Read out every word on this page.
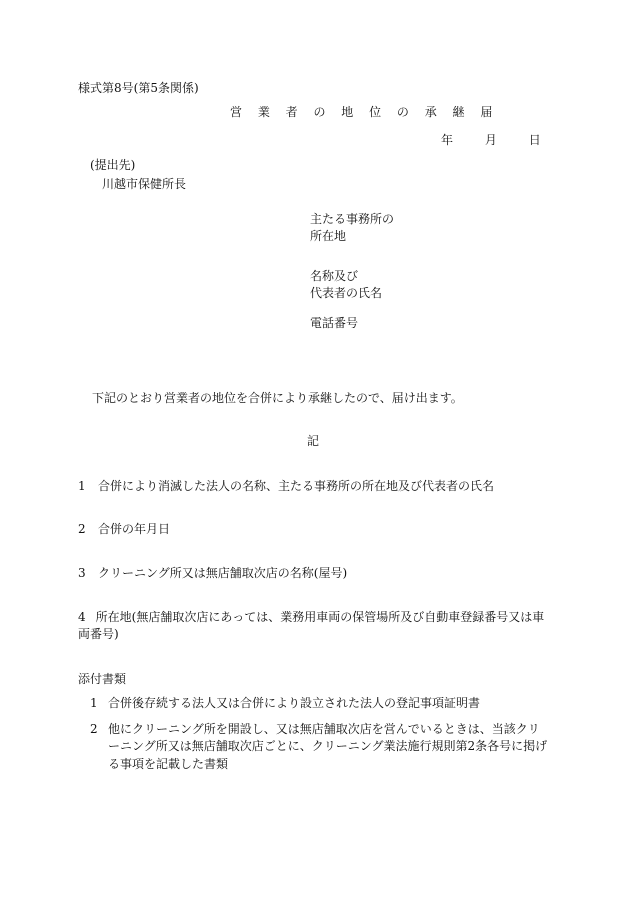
様式第8号(第5条関係)

営 業 者 の 地 位 の 承 継 届

年	月	日

(提出先)

川越市保健所長

主たる事務所の

所在地

名称及び

代表者の氏名

電話番号

下記のとおり営業者の地位を合併により承継したので、届け出ます。

記

1	合併により消滅した法人の名称、主たる事務所の所在地及び代表者の氏名
2	合併の年月日
3	クリーニング所又は無店舗取次店の名称(屋号)
4 所在地(無店舗取次店にあっては、業務用車両の保管場所及び自動車登録番号又は車両番号)

添付書類

1 合併後存続する法人又は合併により設立された法人の登記事項証明書
2 他にクリーニング所を開設し、又は無店舗取次店を営んでいるときは、当該クリーニング所又は無店舗取次店ごとに、クリーニング業法施行規則第2条各号に掲げる事項を記載した書類
